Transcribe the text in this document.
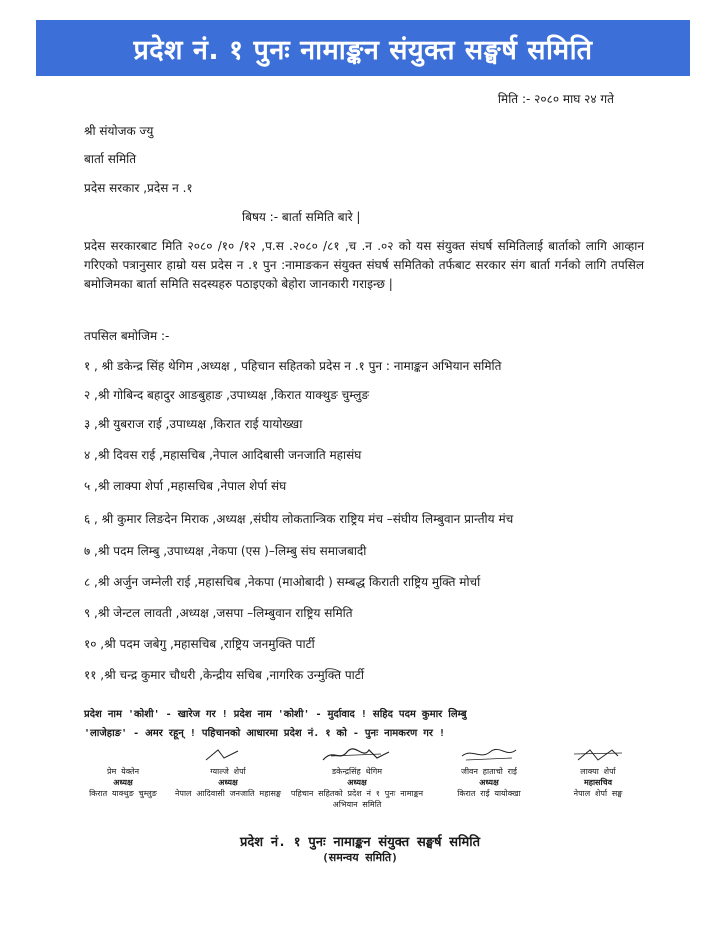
प्रदेश नं. १ पुनः नामाङ्कन संयुक्त सङ्घर्ष समिति
मिति :- २०८० माघ २४ गते
श्री संयोजक ज्यु
बार्ता समिति
प्रदेस सरकार ,प्रदेस न .१
बिषय :- बार्ता समिति बारे |
प्रदेस सरकारबाट मिति २०८० /१० /१२ ,प.स .२०८० /८१ ,च .न .०२ को यस संयुक्त संघर्ष समितिलाई बार्ताको लागि आव्हान गरिएको पत्रानुसार हाम्रो यस प्रदेस न .१ पुन :नामाङकन संयुक्त संघर्ष समितिको तर्फबाट सरकार संग बार्ता गर्नको लागि तपसिल बमोजिमका बार्ता समिति सदस्यहरु पठाइएको बेहोरा जानकारी गराइन्छ |
तपसिल बमोजिम :-
१ , श्री डकेन्द्र सिंह थेगिम ,अध्यक्ष , पहिचान सहितको प्रदेस न .१ पुन : नामाङ्कन अभियान समिति
२ ,श्री गोबिन्द बहादुर आङबुहाङ ,उपाध्यक्ष ,किरात याक्थुङ चुम्लुङ
३ ,श्री युबराज राई ,उपाध्यक्ष ,किरात राई यायोख्खा
४ ,श्री दिवस राई ,महासचिब ,नेपाल आदिबासी जनजाति महासंघ
५ ,श्री लाक्पा शेर्पा ,महासचिब ,नेपाल शेर्पा संघ
६ , श्री कुमार लिङदेन मिराक ,अध्यक्ष ,संघीय लोकतान्त्रिक राष्ट्रिय मंच –संघीय लिम्बुवान प्रान्तीय मंच
७ ,श्री पदम लिम्बु ,उपाध्यक्ष ,नेकपा (एस )–लिम्बु संघ समाजबादी
८ ,श्री अर्जुन जम्नेली राई ,महासचिब ,नेकपा (माओबादी ) सम्बद्ध किराती राष्ट्रिय मुक्ति मोर्चा
९ ,श्री जेन्टल लावती ,अध्यक्ष ,जसपा –लिम्बुवान राष्ट्रिय समिति
१० ,श्री पदम जबेगु ,महासचिब ,राष्ट्रिय जनमुक्ति पार्टी
११ ,श्री चन्द्र कुमार चौधरी ,केन्द्रीय सचिब ,नागरिक उन्मुक्ति पार्टी
प्रदेश नाम 'कोशी' - खारेज गर ! प्रदेश नाम 'कोशी' - मुर्दावाद ! सहिद पदम कुमार लिम्बु
'लाजेहाङ' - अमर रहून् ! पहिचानको आधारमा प्रदेश नं. १ को - पुनः नामकरण गर !
प्रेम येक्तेन
अध्यक्ष
किरात याक्थुङ चुम्लुङ
ग्याल्जे शेर्पा
अध्यक्ष
नेपाल आदिवासी जनजाति महासङ्घ
डकेन्द्रसिंह थेगिम
अध्यक्ष
पहिचान सहितको प्रदेश नं १ पुनः नामाङ्कन अभियान समिति
जीवन हाताचो राई
अध्यक्ष
किरात राई यायोक्खा
लाक्पा शेर्पा
महासचिव
नेपाल शेर्पा सङ्घ
प्रदेश नं. १ पुनः नामाङ्कन संयुक्त सङ्घर्ष समिति
(समन्वय समिति)
